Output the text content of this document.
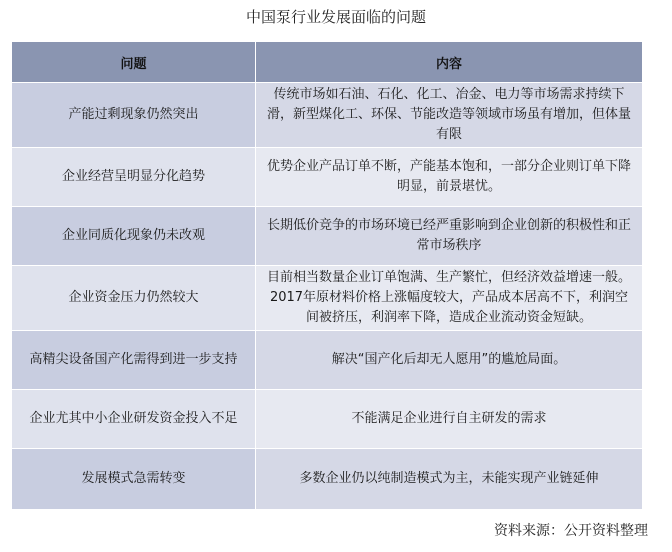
中国泵行业发展面临的问题
问题	内容
产能过剩现象仍然突出	传统市场如石油、石化、化工、冶金、电力等市场需求持续下滑，新型煤化工、环保、节能改造等领域市场虽有增加，但体量有限
企业经营呈明显分化趋势	优势企业产品订单不断，产能基本饱和，一部分企业则订单下降明显，前景堪忧。
企业同质化现象仍未改观	长期低价竞争的市场环境已经严重影响到企业创新的积极性和正常市场秩序
企业资金压力仍然较大	目前相当数量企业订单饱满、生产繁忙，但经济效益增速一般。2017年原材料价格上涨幅度较大，产品成本居高不下，利润空间被挤压，利润率下降，造成企业流动资金短缺。
高精尖设备国产化需得到进一步支持	解决“国产化后却无人愿用”的尴尬局面。
企业尤其中小企业研发资金投入不足	不能满足企业进行自主研发的需求
发展模式急需转变	多数企业仍以纯制造模式为主，未能实现产业链延伸
资料来源：公开资料整理
